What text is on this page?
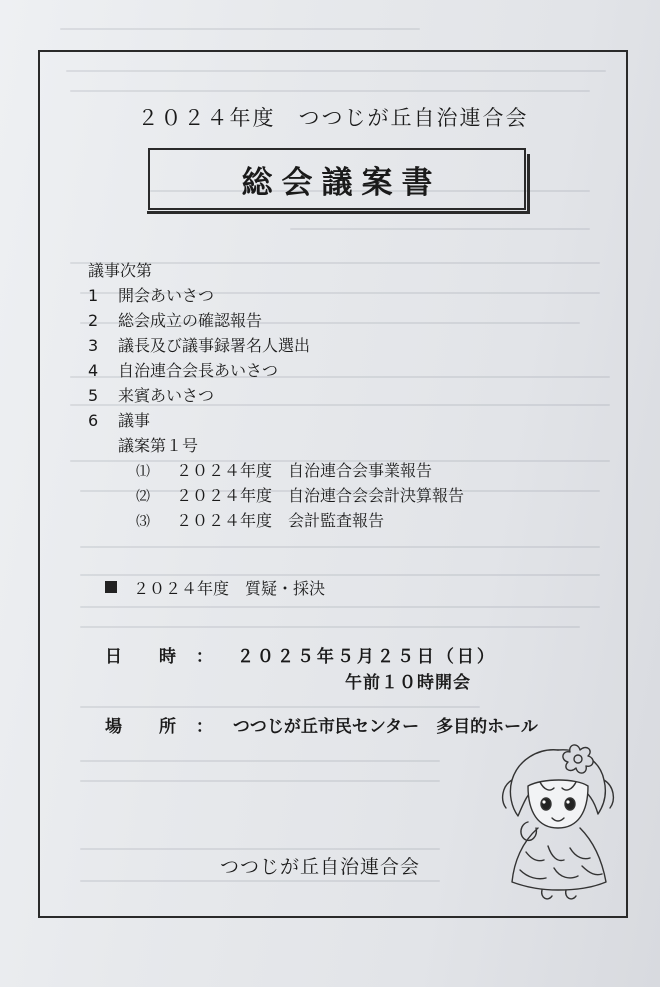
２０２４年度　つつじが丘自治連合会
総会議案書
議事次第
1 開会あいさつ
2 総会成立の確認報告
3 議長及び議事録署名人選出
4 自治連合会長あいさつ
5 来賓あいさつ
6 議事
議案第１号
⑴ ２０２４年度　自治連合会事業報告
⑵ ２０２４年度　自治連合会会計決算報告
⑶ ２０２４年度　会計監査報告
２０２４年度　質疑・採決
日　時 ： ２０２５年５月２５日（日）
午前１０時開会
場　所 ： つつじが丘市民センター　多目的ホール
つつじが丘自治連合会
